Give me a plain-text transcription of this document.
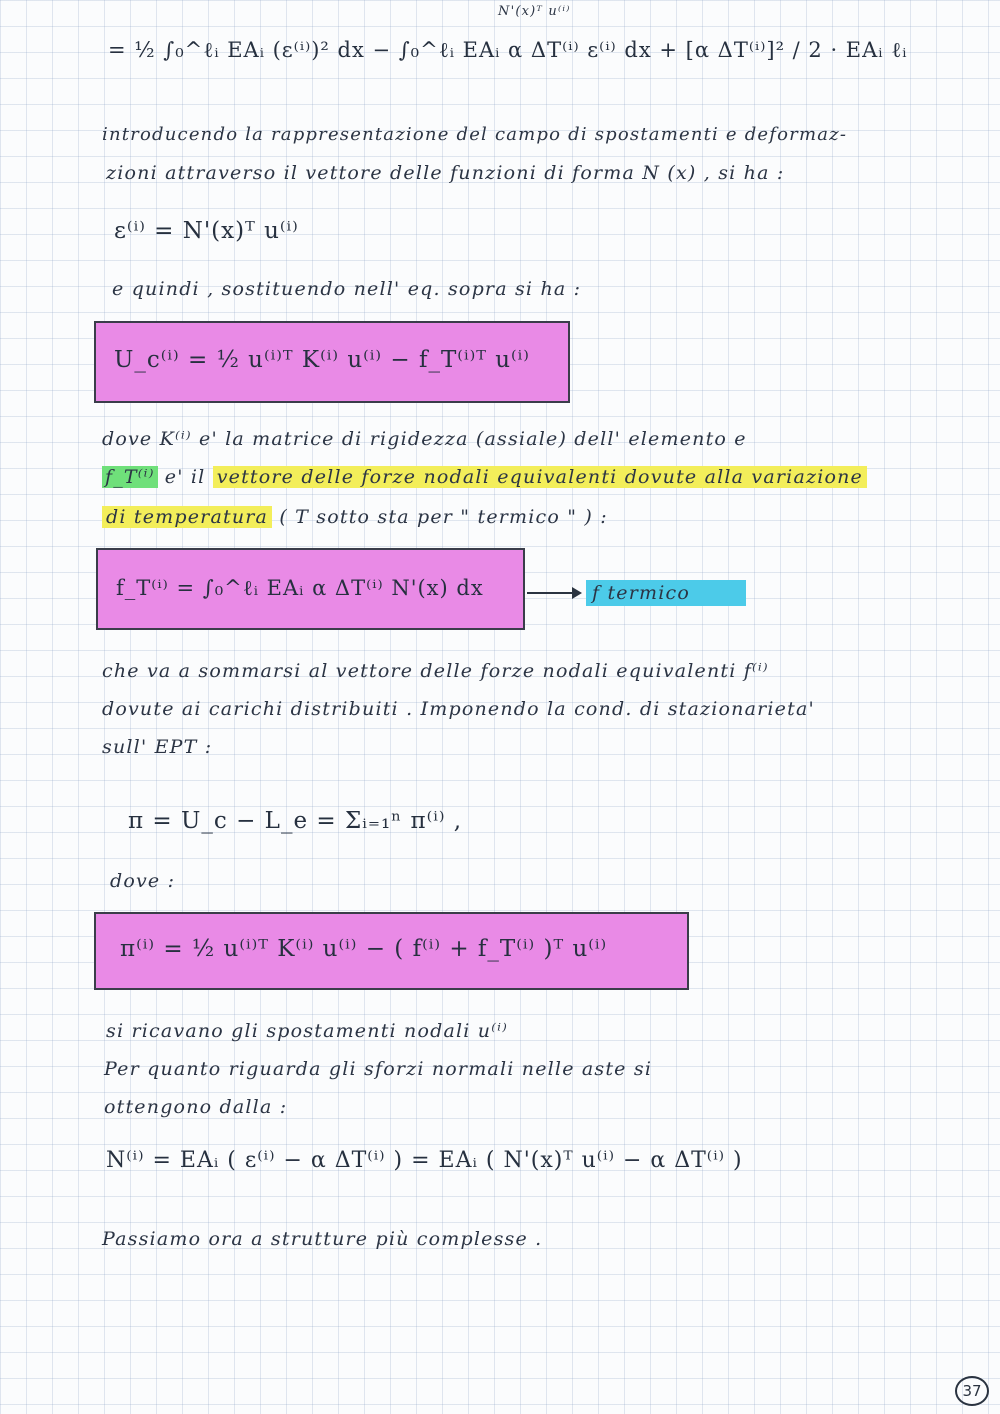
N'(x)ᵀ u⁽ⁱ⁾
= ½ ∫₀^ℓᵢ EAᵢ (ε⁽ⁱ⁾)² dx − ∫₀^ℓᵢ EAᵢ α ΔT⁽ⁱ⁾ ε⁽ⁱ⁾ dx + [α ΔT⁽ⁱ⁾]² / 2 · EAᵢ ℓᵢ
introducendo la rappresentazione del campo di spostamenti e deformaz-
zioni attraverso il vettore delle funzioni di forma N (x) , si ha :
ε⁽ⁱ⁾ = N'(x)ᵀ u⁽ⁱ⁾
e quindi , sostituendo nell' eq. sopra si ha :
U_c⁽ⁱ⁾ = ½ u⁽ⁱ⁾ᵀ K⁽ⁱ⁾ u⁽ⁱ⁾ − f_T⁽ⁱ⁾ᵀ u⁽ⁱ⁾
dove K⁽ⁱ⁾ e' la matrice di rigidezza (assiale) dell' elemento e
f_T⁽ⁱ⁾ e' il vettore delle forze nodali equivalenti dovute alla variazione
di temperatura ( T sotto sta per " termico " ) :
f_T⁽ⁱ⁾ = ∫₀^ℓᵢ EAᵢ α ΔT⁽ⁱ⁾ N'(x) dx	f termico
che va a sommarsi al vettore delle forze nodali equivalenti f⁽ⁱ⁾
dovute ai carichi distribuiti . Imponendo la cond. di stazionarieta'
sull' EPT :
π = U_c − L_e = Σᵢ₌₁ⁿ π⁽ⁱ⁾ ,
dove :
π⁽ⁱ⁾ = ½ u⁽ⁱ⁾ᵀ K⁽ⁱ⁾ u⁽ⁱ⁾ − ( f⁽ⁱ⁾ + f_T⁽ⁱ⁾ )ᵀ u⁽ⁱ⁾
si ricavano gli spostamenti nodali u⁽ⁱ⁾
Per quanto riguarda gli sforzi normali nelle aste si
ottengono dalla :
N⁽ⁱ⁾ = EAᵢ ( ε⁽ⁱ⁾ − α ΔT⁽ⁱ⁾ ) = EAᵢ ( N'(x)ᵀ u⁽ⁱ⁾ − α ΔT⁽ⁱ⁾ )
Passiamo ora a strutture più complesse .
37
